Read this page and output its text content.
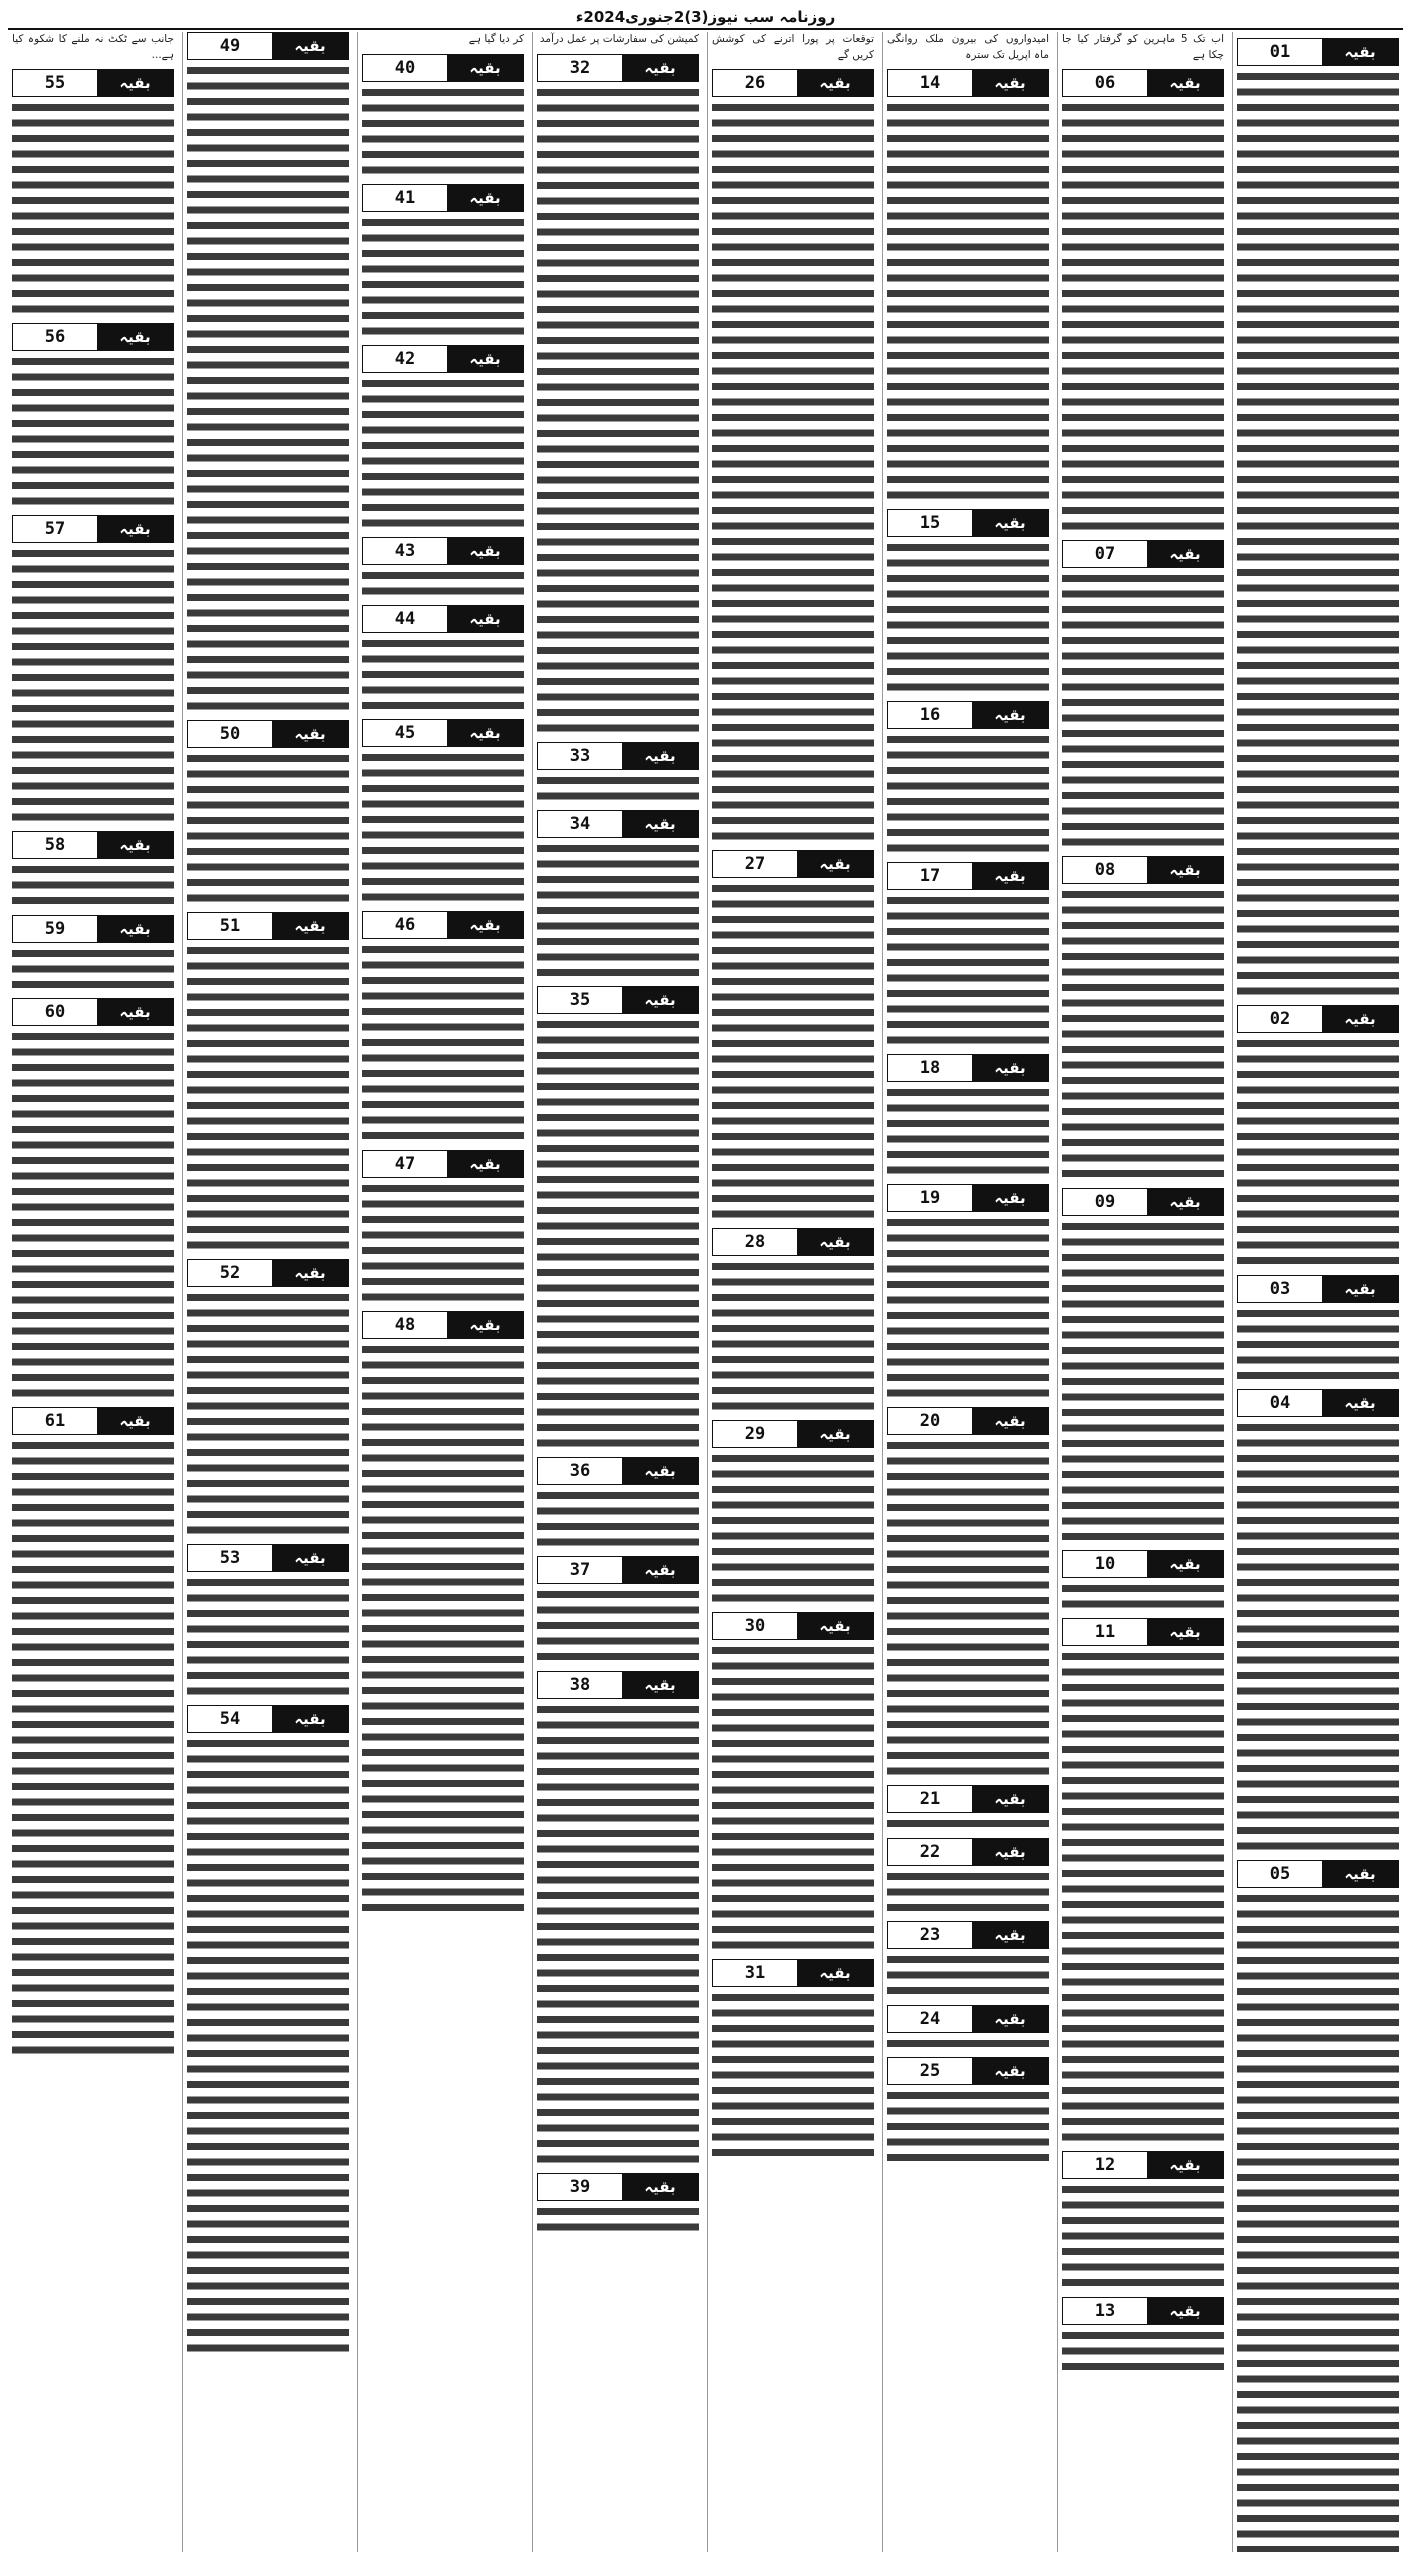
روزنامہ سب نیوز(3)2جنوری2024ء
بقیہ
01
بقیہ
02
بقیہ
03
بقیہ
04
بقیہ
05
اب تک 5 ماہرین کو گرفتار کیا جا چکا ہے
بقیہ
06
بقیہ
07
بقیہ
08
بقیہ
09
بقیہ
10
بقیہ
11
بقیہ
12
بقیہ
13
امیدواروں کی بیرون ملک روانگی ماہ اپریل تک سترہ
بقیہ
14
بقیہ
15
بقیہ
16
بقیہ
17
بقیہ
18
بقیہ
19
بقیہ
20
بقیہ
21
بقیہ
22
بقیہ
23
بقیہ
24
بقیہ
25
توقعات پر پورا اترنے کی کوشش کریں گے
بقیہ
26
بقیہ
27
بقیہ
28
بقیہ
29
بقیہ
30
بقیہ
31
کمیشن کی سفارشات پر عمل درآمد
بقیہ
32
بقیہ
33
بقیہ
34
بقیہ
35
بقیہ
36
بقیہ
37
بقیہ
38
بقیہ
39
کر دیا گیا ہے
بقیہ
40
بقیہ
41
بقیہ
42
بقیہ
43
بقیہ
44
بقیہ
45
بقیہ
46
بقیہ
47
بقیہ
48
بقیہ
49
بقیہ
50
بقیہ
51
بقیہ
52
بقیہ
53
بقیہ
54
جانب سے ٹکٹ نہ ملنے کا شکوہ کیا ہے...
بقیہ
55
بقیہ
56
بقیہ
57
بقیہ
58
بقیہ
59
بقیہ
60
بقیہ
61
